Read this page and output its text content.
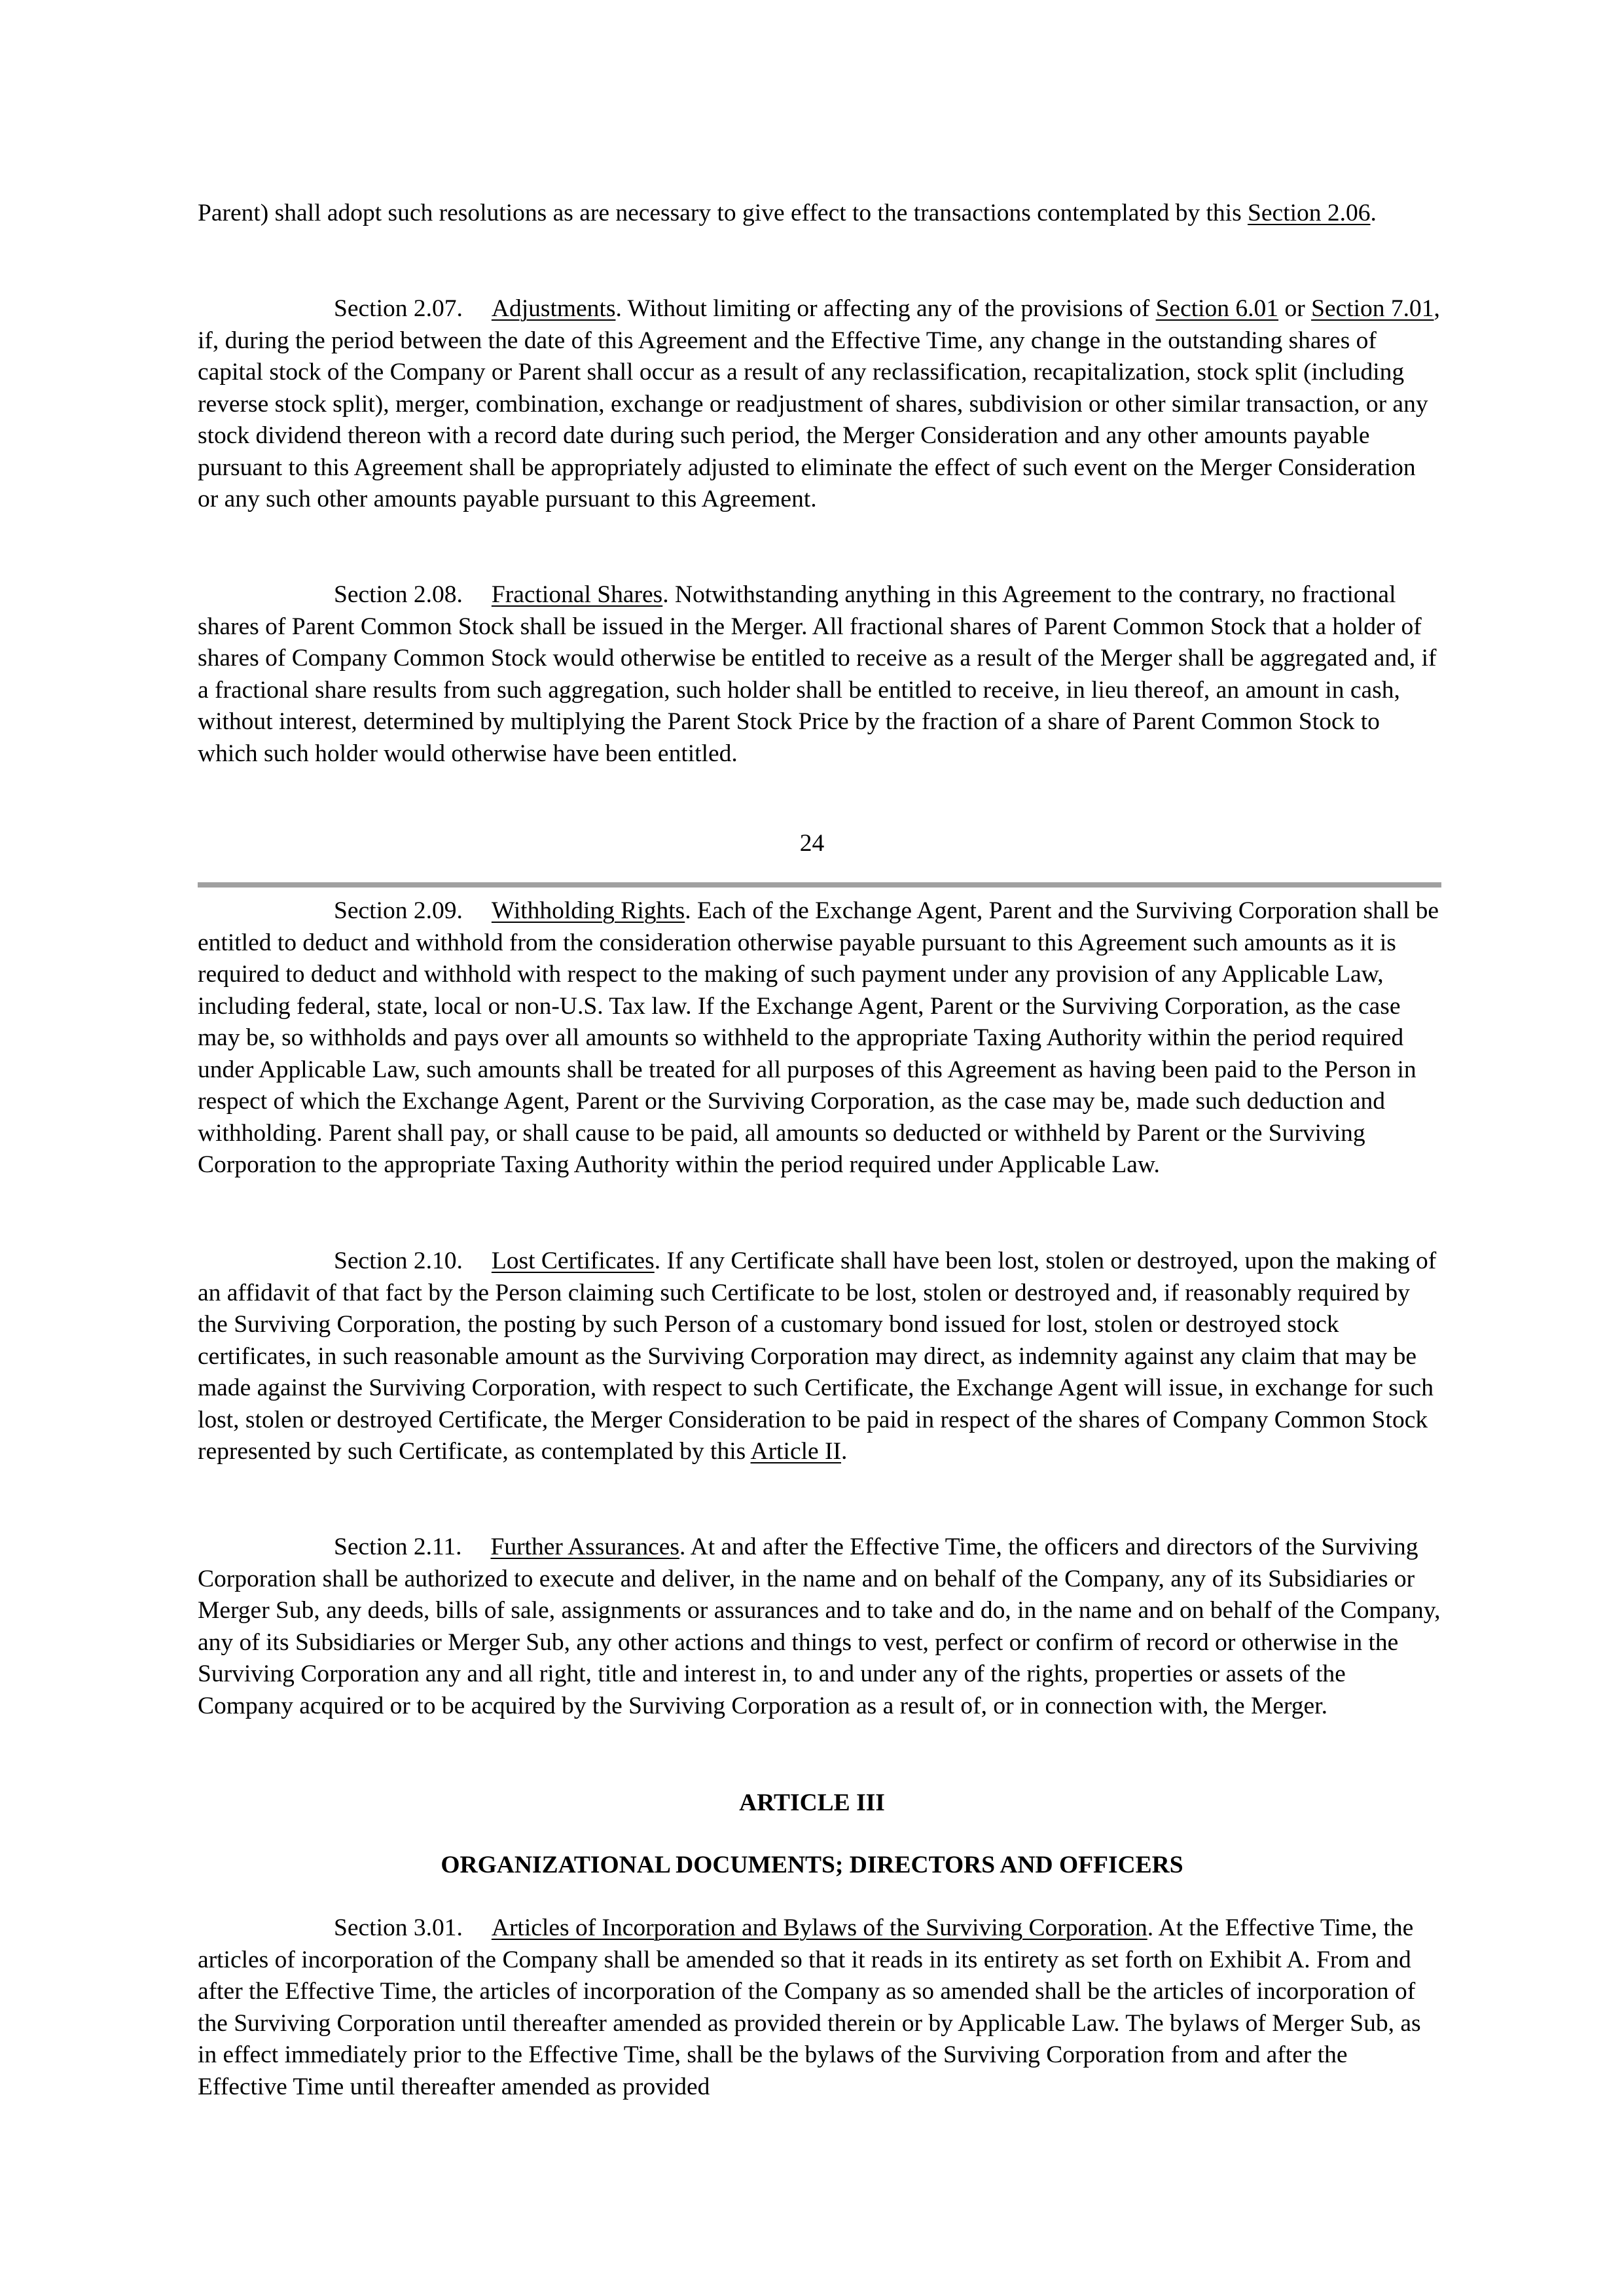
Parent) shall adopt such resolutions as are necessary to give effect to the transactions contemplated by this Section 2.06.
Section 2.07. Adjustments. Without limiting or affecting any of the provisions of Section 6.01 or Section 7.01, if, during the period between the date of this Agreement and the Effective Time, any change in the outstanding shares of capital stock of the Company or Parent shall occur as a result of any reclassification, recapitalization, stock split (including reverse stock split), merger, combination, exchange or readjustment of shares, subdivision or other similar transaction, or any stock dividend thereon with a record date during such period, the Merger Consideration and any other amounts payable pursuant to this Agreement shall be appropriately adjusted to eliminate the effect of such event on the Merger Consideration or any such other amounts payable pursuant to this Agreement.
Section 2.08. Fractional Shares. Notwithstanding anything in this Agreement to the contrary, no fractional shares of Parent Common Stock shall be issued in the Merger. All fractional shares of Parent Common Stock that a holder of shares of Company Common Stock would otherwise be entitled to receive as a result of the Merger shall be aggregated and, if a fractional share results from such aggregation, such holder shall be entitled to receive, in lieu thereof, an amount in cash, without interest, determined by multiplying the Parent Stock Price by the fraction of a share of Parent Common Stock to which such holder would otherwise have been entitled.
24
Section 2.09. Withholding Rights. Each of the Exchange Agent, Parent and the Surviving Corporation shall be entitled to deduct and withhold from the consideration otherwise payable pursuant to this Agreement such amounts as it is required to deduct and withhold with respect to the making of such payment under any provision of any Applicable Law, including federal, state, local or non-U.S. Tax law. If the Exchange Agent, Parent or the Surviving Corporation, as the case may be, so withholds and pays over all amounts so withheld to the appropriate Taxing Authority within the period required under Applicable Law, such amounts shall be treated for all purposes of this Agreement as having been paid to the Person in respect of which the Exchange Agent, Parent or the Surviving Corporation, as the case may be, made such deduction and withholding. Parent shall pay, or shall cause to be paid, all amounts so deducted or withheld by Parent or the Surviving Corporation to the appropriate Taxing Authority within the period required under Applicable Law.
Section 2.10. Lost Certificates. If any Certificate shall have been lost, stolen or destroyed, upon the making of an affidavit of that fact by the Person claiming such Certificate to be lost, stolen or destroyed and, if reasonably required by the Surviving Corporation, the posting by such Person of a customary bond issued for lost, stolen or destroyed stock certificates, in such reasonable amount as the Surviving Corporation may direct, as indemnity against any claim that may be made against the Surviving Corporation, with respect to such Certificate, the Exchange Agent will issue, in exchange for such lost, stolen or destroyed Certificate, the Merger Consideration to be paid in respect of the shares of Company Common Stock represented by such Certificate, as contemplated by this Article II.
Section 2.11. Further Assurances. At and after the Effective Time, the officers and directors of the Surviving Corporation shall be authorized to execute and deliver, in the name and on behalf of the Company, any of its Subsidiaries or Merger Sub, any deeds, bills of sale, assignments or assurances and to take and do, in the name and on behalf of the Company, any of its Subsidiaries or Merger Sub, any other actions and things to vest, perfect or confirm of record or otherwise in the Surviving Corporation any and all right, title and interest in, to and under any of the rights, properties or assets of the Company acquired or to be acquired by the Surviving Corporation as a result of, or in connection with, the Merger.
ARTICLE III
ORGANIZATIONAL DOCUMENTS; DIRECTORS AND OFFICERS
Section 3.01. Articles of Incorporation and Bylaws of the Surviving Corporation. At the Effective Time, the articles of incorporation of the Company shall be amended so that it reads in its entirety as set forth on Exhibit A. From and after the Effective Time, the articles of incorporation of the Company as so amended shall be the articles of incorporation of the Surviving Corporation until thereafter amended as provided therein or by Applicable Law. The bylaws of Merger Sub, as in effect immediately prior to the Effective Time, shall be the bylaws of the Surviving Corporation from and after the Effective Time until thereafter amended as provided
